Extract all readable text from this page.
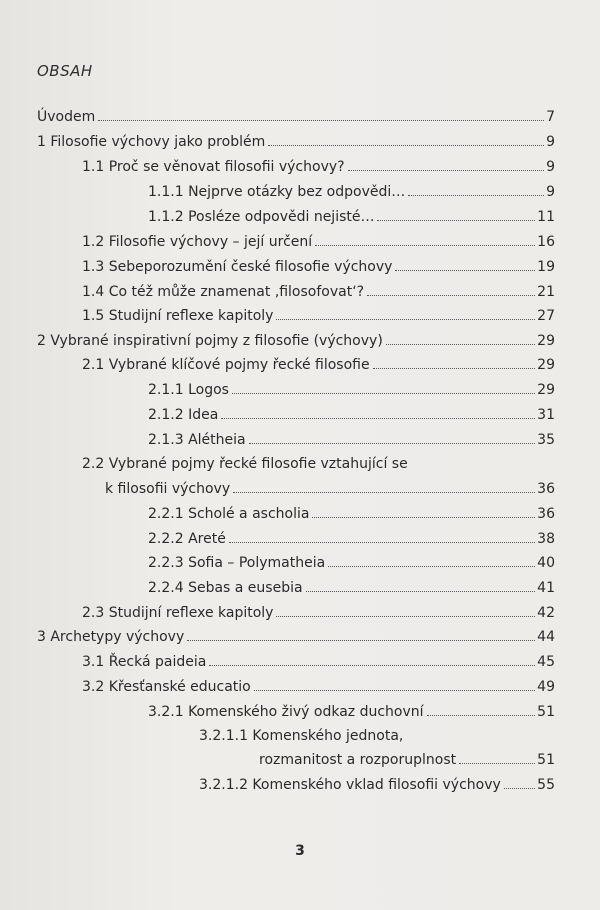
OBSAH
Úvodem	7
1 Filosofie výchovy jako problém	9
1.1 Proč se věnovat filosofii výchovy?	9
1.1.1 Nejprve otázky bez odpovědi…	9
1.1.2 Posléze odpovědi nejisté…	11
1.2 Filosofie výchovy – její určení	16
1.3 Sebeporozumění české filosofie výchovy	19
1.4 Co též může znamenat ‚filosofovat‘?	21
1.5 Studijní reflexe kapitoly	27
2 Vybrané inspirativní pojmy z filosofie (výchovy)	29
2.1 Vybrané klíčové pojmy řecké filosofie	29
2.1.1 Logos	29
2.1.2 Idea	31
2.1.3 Alétheia	35
2.2 Vybrané pojmy řecké filosofie vztahující se
k filosofii výchovy	36
2.2.1 Scholé a ascholia	36
2.2.2 Areté	38
2.2.3 Sofia – Polymatheia	40
2.2.4 Sebas a eusebia	41
2.3 Studijní reflexe kapitoly	42
3 Archetypy výchovy	44
3.1 Řecká paideia	45
3.2 Křesťanské educatio	49
3.2.1 Komenského živý odkaz duchovní	51
3.2.1.1 Komenského jednota,
rozmanitost a rozporuplnost	51
3.2.1.2 Komenského vklad filosofii výchovy	55
3
